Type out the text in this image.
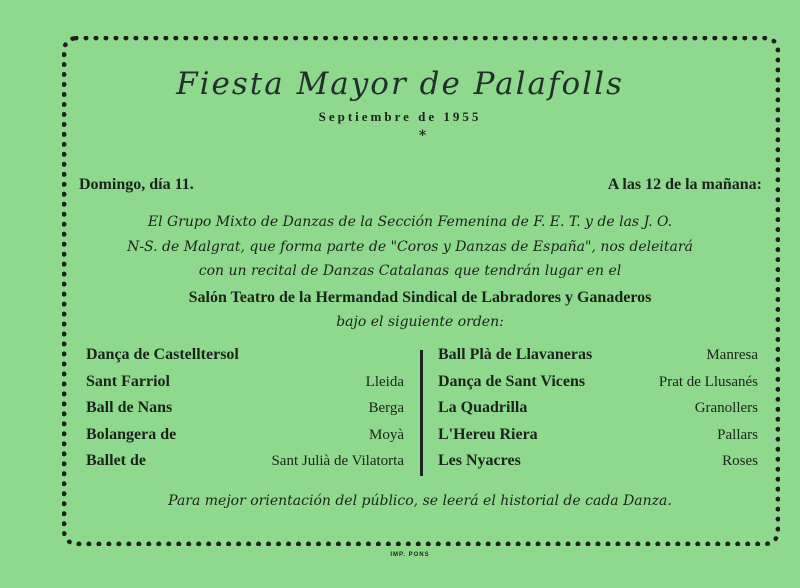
Fiesta Mayor de Palafolls
Septiembre de 1955
*
Domingo, día 11.	A las 12 de la mañana:
El Grupo Mixto de Danzas de la Sección Femenina de F. E. T. y de las J. O.
N-S. de Malgrat, que forma parte de "Coros y Danzas de España", nos deleitará
con un recital de Danzas Catalanas que tendrán lugar en el
Salón Teatro de la Hermandad Sindical de Labradores y Ganaderos
bajo el siguiente orden:
Dança de Castelltersol
Sant Farriol	Lleida
Ball de Nans	Berga
Bolangera de	Moyà
Ballet de	Sant Julià de Vilatorta
Ball Plà de Llavaneras	Manresa
Dança de Sant Vicens	Prat de Llusanés
La Quadrilla	Granollers
L'Hereu Riera	Pallars
Les Nyacres	Roses
Para mejor orientación del público, se leerá el historial de cada Danza.
IMP. PONS
